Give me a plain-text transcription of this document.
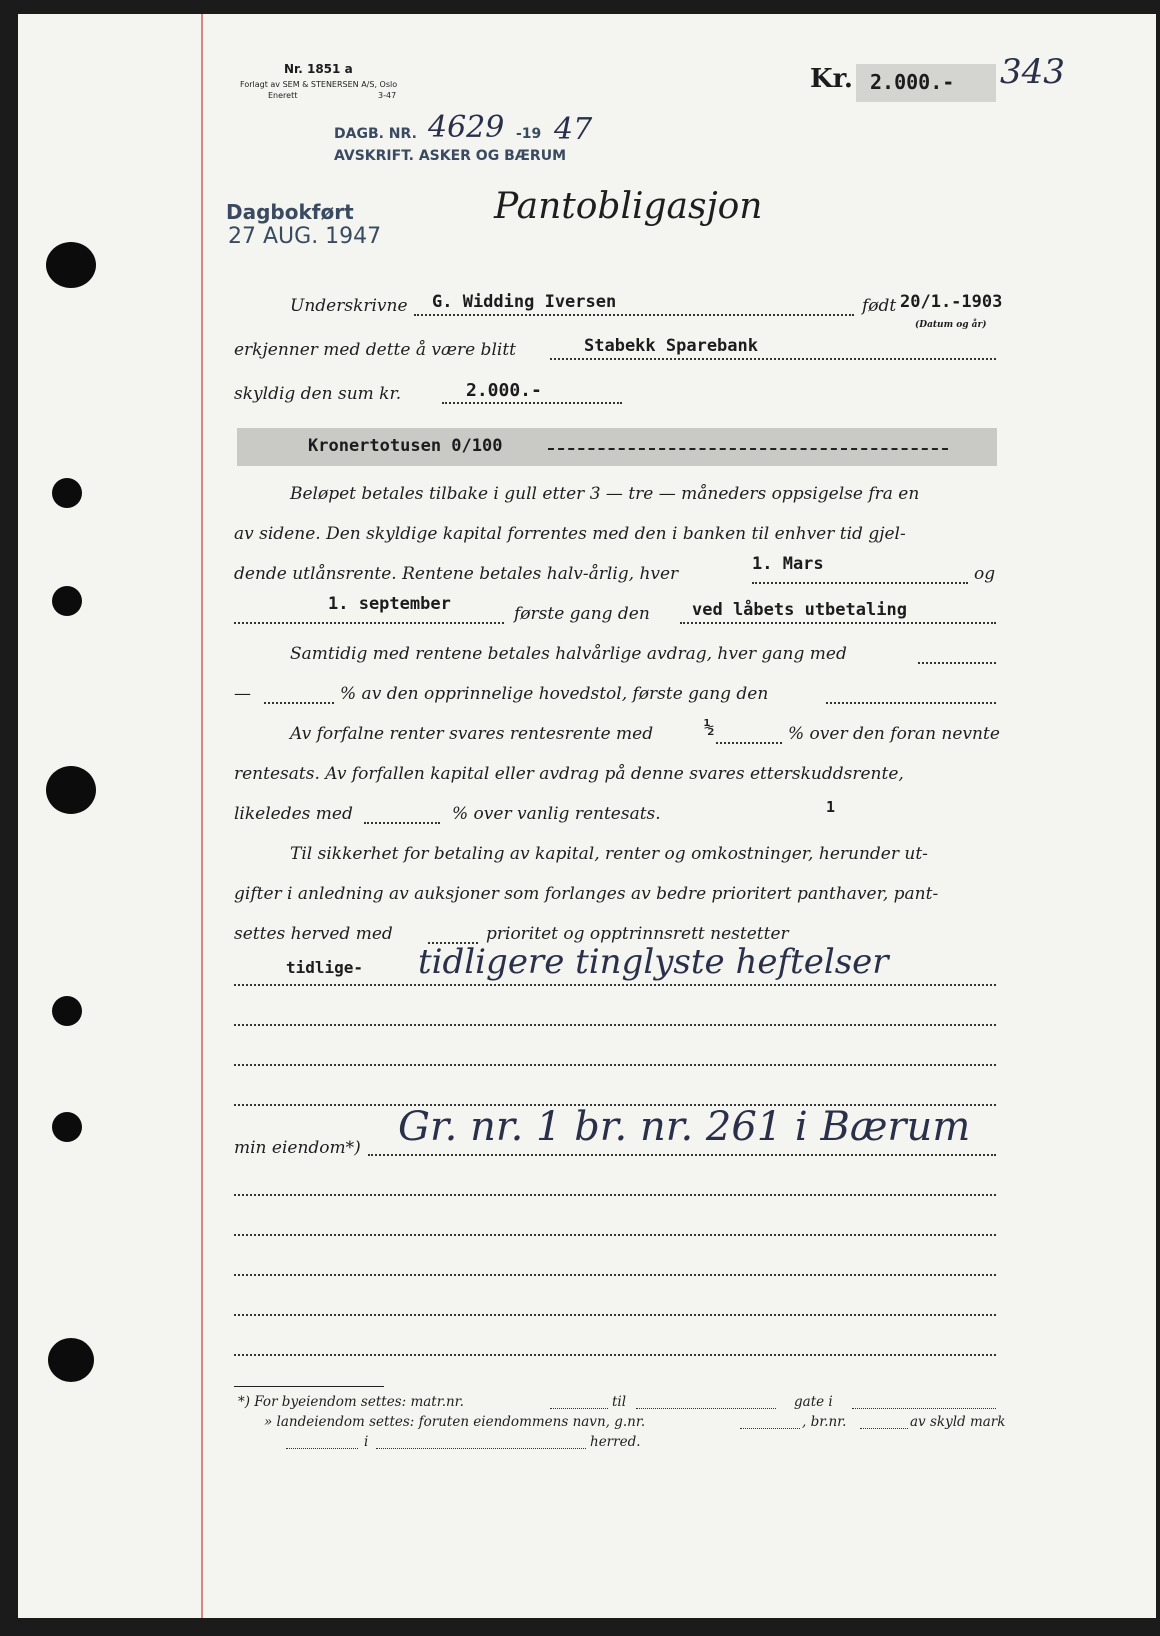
Nr. 1851 a
Forlagt av SEM & STENERSEN A/S, Oslo
Enerett	3-47
Kr. 2.000.- 343
DAGB. NR. 4629 -19 47
AVSKRIFT. ASKER OG BÆRUM
Dagbokført
27 AUG. 1947
Pantobligasjon
Underskrivne G. Widding Iversen	født 20/1.-1903
(Datum og år)
erkjenner med dette å være blitt	Stabekk Sparebank
skyldig den sum kr.	2.000.-
Kronertotusen 0/100
Beløpet betales tilbake i gull etter 3 — tre — måneders oppsigelse fra en
av sidene. Den skyldige kapital forrentes med den i banken til enhver tid gjel-
dende utlånsrente. Rentene betales halv-årlig, hver	1. Mars	og
1. september	første gang den ved låbets utbetaling
Samtidig med rentene betales halvårlige avdrag, hver gang med
—	% av den opprinnelige hovedstol, første gang den
Av forfalne renter svares rentesrente med	½	% over den foran nevnte
rentesats. Av forfallen kapital eller avdrag på denne svares etterskuddsrente,
likeledes med	% over vanlig rentesats.	1
Til sikkerhet for betaling av kapital, renter og omkostninger, herunder ut-
gifter i anledning av auksjoner som forlanges av bedre prioritert panthaver, pant-
settes herved med	prioritet og opptrinnsrett nestetter
tidlige- tidligere tinglyste heftelser
min eiendom*) Gr. nr. 1 br. nr. 261 i Bærum
*) For byeiendom settes: matr.nr.	til	gate i
» landeiendom settes: foruten eiendommens navn, g.nr.	, br.nr.	av skyld mark
i	herred.
